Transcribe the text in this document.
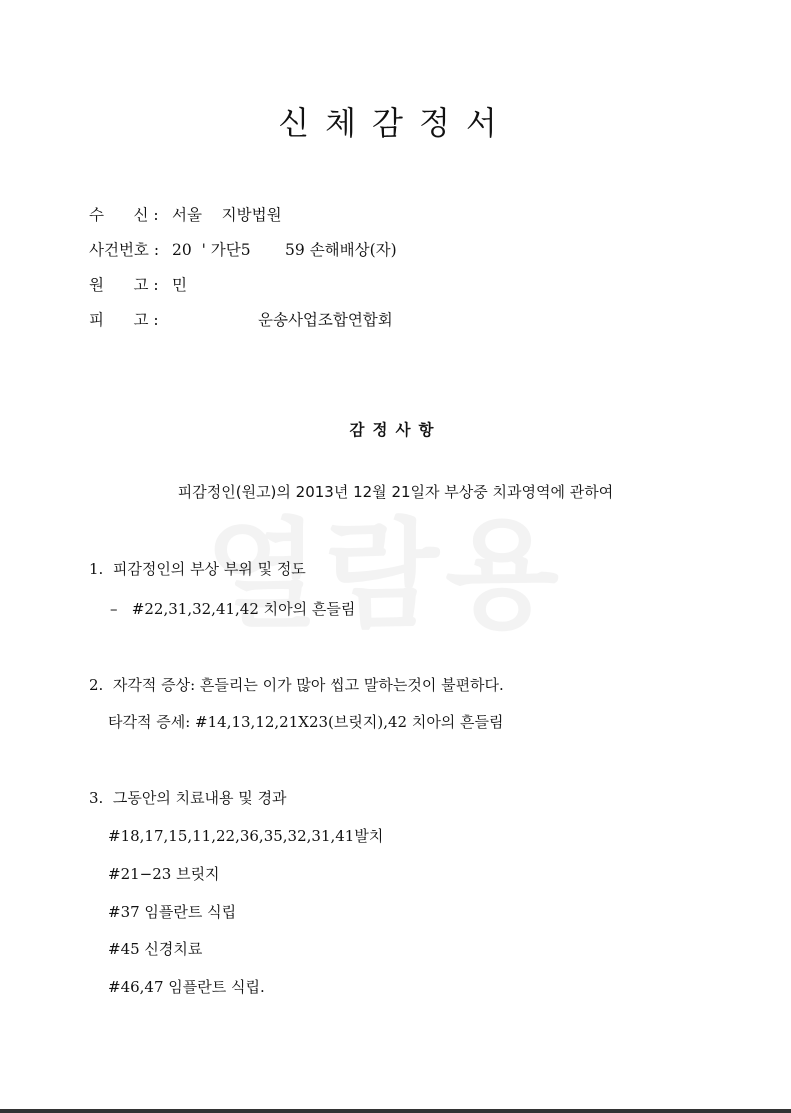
신체감정서
수      신 : 서울    지방법원
사건번호 : 20  ' 가단5       59 손해배상(자)
원      고 : 민
피      고 :	운송사업조합연합회
감정사항
피감정인(원고)의 2013년 12월 21일자 부상중 치과영역에 관하여
1.  피감정인의 부상 부위 및 정도
–   #22,31,32,41,42 치아의 흔들림
2.  자각적 증상: 흔들리는 이가 많아 씹고 말하는것이 불편하다.
타각적 증세: #14,13,12,21X23(브릿지),42 치아의 흔들림
3.  그동안의 치료내용 및 경과
#18,17,15,11,22,36,35,32,31,41발치
#21−23 브릿지
#37 임플란트 식립
#45 신경치료
#46,47 임플란트 식립.
